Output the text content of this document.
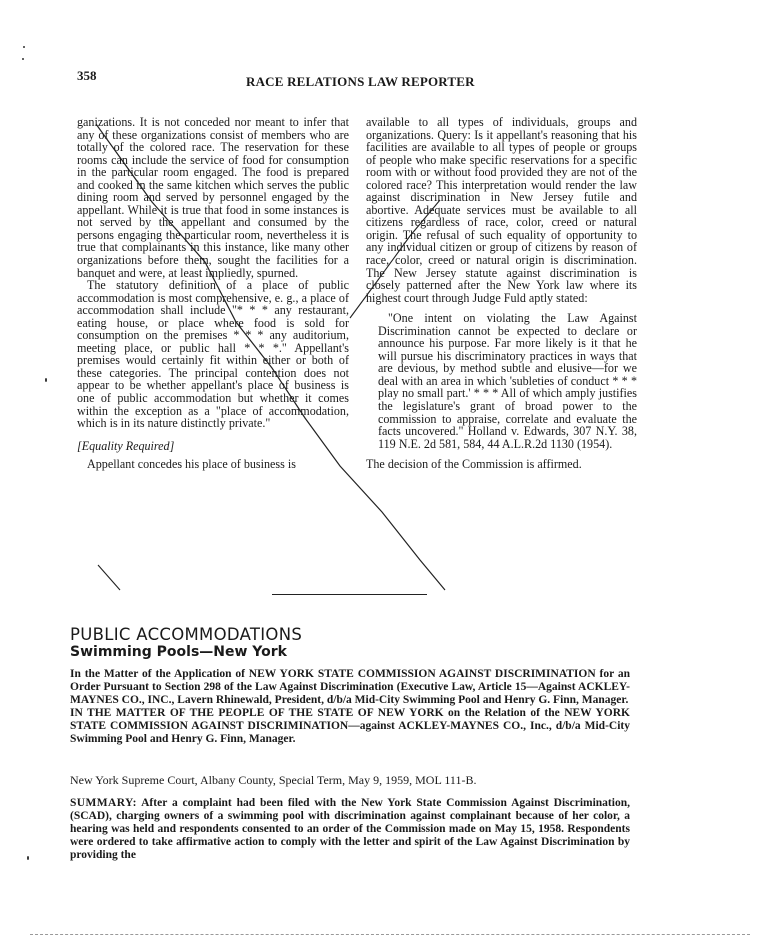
358	RACE RELATIONS LAW REPORTER

ganizations. It is not conceded nor meant to infer that any of these organizations consist of members who are totally of the colored race. The reservation for these rooms can include the service of food for consumption in the particular room engaged. The food is prepared and cooked in the same kitchen which serves the public dining room and served by personnel engaged by the appellant. While it is true that food in some instances is not served by the appellant and consumed by the persons engaging the particular room, nevertheless it is true that complainants in this instance, like many other organizations before them, sought the facilities for a banquet and were, at least impliedly, spurned.

The statutory definition of a place of public accommodation is most comprehensive, e. g., a place of accommodation shall include "* * * any restaurant, eating house, or place where food is sold for consumption on the premises * * * any auditorium, meeting place, or public hall * * *." Appellant's premises would certainly fit within either or both of these categories. The principal contention does not appear to be whether appellant's place of business is one of public accommodation but whether it comes within the exception as a "place of accommodation, which is in its nature distinctly private."

[Equality Required]

Appellant concedes his place of business is

available to all types of individuals, groups and organizations. Query: Is it appellant's reasoning that his facilities are available to all types of people or groups of people who make specific reservations for a specific room with or without food provided they are not of the colored race? This interpretation would render the law against discrimination in New Jersey futile and abortive. Adequate services must be available to all citizens regardless of race, color, creed or natural origin. The refusal of such equality of opportunity to any individual citizen or group of citizens by reason of race, color, creed or natural origin is discrimination. The New Jersey statute against discrimination is closely patterned after the New York law where its highest court through Judge Fuld aptly stated:

"One intent on violating the Law Against Discrimination cannot be expected to declare or announce his purpose. Far more likely is it that he will pursue his discriminatory practices in ways that are devious, by method subtle and elusive—for we deal with an area in which 'subleties of conduct * * * play no small part.' * * * All of which amply justifies the legislature's grant of broad power to the commission to appraise, correlate and evaluate the facts uncovered." Holland v. Edwards, 307 N.Y. 38, 119 N.E. 2d 581, 584, 44 A.L.R.2d 1130 (1954).

The decision of the Commission is affirmed.

PUBLIC ACCOMMODATIONS
Swimming Pools—New York

In the Matter of the Application of NEW YORK STATE COMMISSION AGAINST DISCRIMINATION for an Order Pursuant to Section 298 of the Law Against Discrimination (Executive Law, Article 15—Against ACKLEY-MAYNES CO., INC., Lavern Rhinewald, President, d/b/a Mid-City Swimming Pool and Henry G. Finn, Manager.

IN THE MATTER OF THE PEOPLE OF THE STATE OF NEW YORK on the Relation of the NEW YORK STATE COMMISSION AGAINST DISCRIMINATION—against ACKLEY-MAYNES CO., Inc., d/b/a Mid-City Swimming Pool and Henry G. Finn, Manager.

New York Supreme Court, Albany County, Special Term, May 9, 1959, MOL 111-B.
SUMMARY: After a complaint had been filed with the New York State Commission Against Discrimination, (SCAD), charging owners of a swimming pool with discrimination against complainant because of her color, a hearing was held and respondents consented to an order of the Commission made on May 15, 1958. Respondents were ordered to take affirmative action to comply with the letter and spirit of the Law Against Discrimination by providing the
